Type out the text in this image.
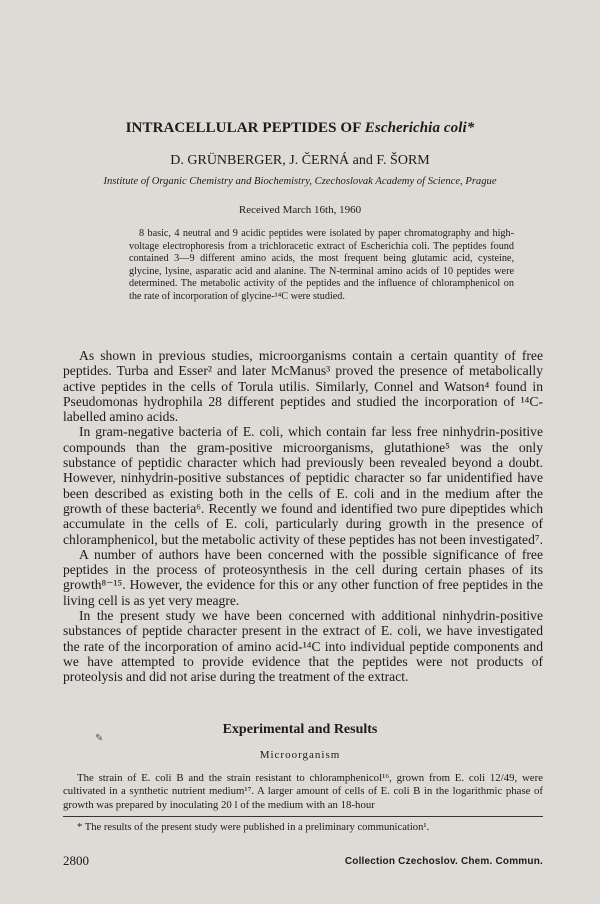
INTRACELLULAR PEPTIDES OF Escherichia coli*
D. GRÜNBERGER, J. ČERNÁ and F. ŠORM
Institute of Organic Chemistry and Biochemistry, Czechoslovak Academy of Science, Prague
Received March 16th, 1960

8 basic, 4 neutral and 9 acidic peptides were isolated by paper chromatography and high-voltage electrophoresis from a trichloracetic extract of Escherichia coli. The peptides found contained 3—9 different amino acids, the most frequent being glutamic acid, cysteine, glycine, lysine, asparatic acid and alanine. The N-terminal amino acids of 10 peptides were determined. The metabolic activity of the peptides and the influence of chloramphenicol on the rate of incorporation of glycine-¹⁴C were studied.

As shown in previous studies, microorganisms contain a certain quantity of free peptides. Turba and Esser² and later McManus³ proved the presence of metabolically active peptides in the cells of Torula utilis. Similarly, Connel and Watson⁴ found in Pseudomonas hydrophila 28 different peptides and studied the incorporation of ¹⁴C-labelled amino acids.

In gram-negative bacteria of E. coli, which contain far less free ninhydrin-positive compounds than the gram-positive microorganisms, glutathione⁵ was the only substance of peptidic character which had previously been revealed beyond a doubt. However, ninhydrin-positive substances of peptidic character so far unidentified have been described as existing both in the cells of E. coli and in the medium after the growth of these bacteria⁶. Recently we found and identified two pure dipeptides which accumulate in the cells of E. coli, particularly during growth in the presence of chloramphenicol, but the metabolic activity of these peptides has not been investigated⁷.

A number of authors have been concerned with the possible significance of free peptides in the process of proteosynthesis in the cell during certain phases of its growth⁸⁻¹⁵. However, the evidence for this or any other function of free peptides in the living cell is as yet very meagre.

In the present study we have been concerned with additional ninhydrin-positive substances of peptide character present in the extract of E. coli, we have investigated the rate of the incorporation of amino acid-¹⁴C into individual peptide components and we have attempted to provide evidence that the peptides were not products of proteolysis and did not arise during the treatment of the extract.

Experimental and Results
Microorganism

The strain of E. coli B and the strain resistant to chloramphenicol¹⁶, grown from E. coli 12/49, were cultivated in a synthetic nutrient medium¹⁷. A larger amount of cells of E. coli B in the logarithmic phase of growth was prepared by inoculating 20 l of the medium with an 18-hour

* The results of the present study were published in a preliminary communication¹.
2800	Collection Czechoslov. Chem. Commun.
✎
